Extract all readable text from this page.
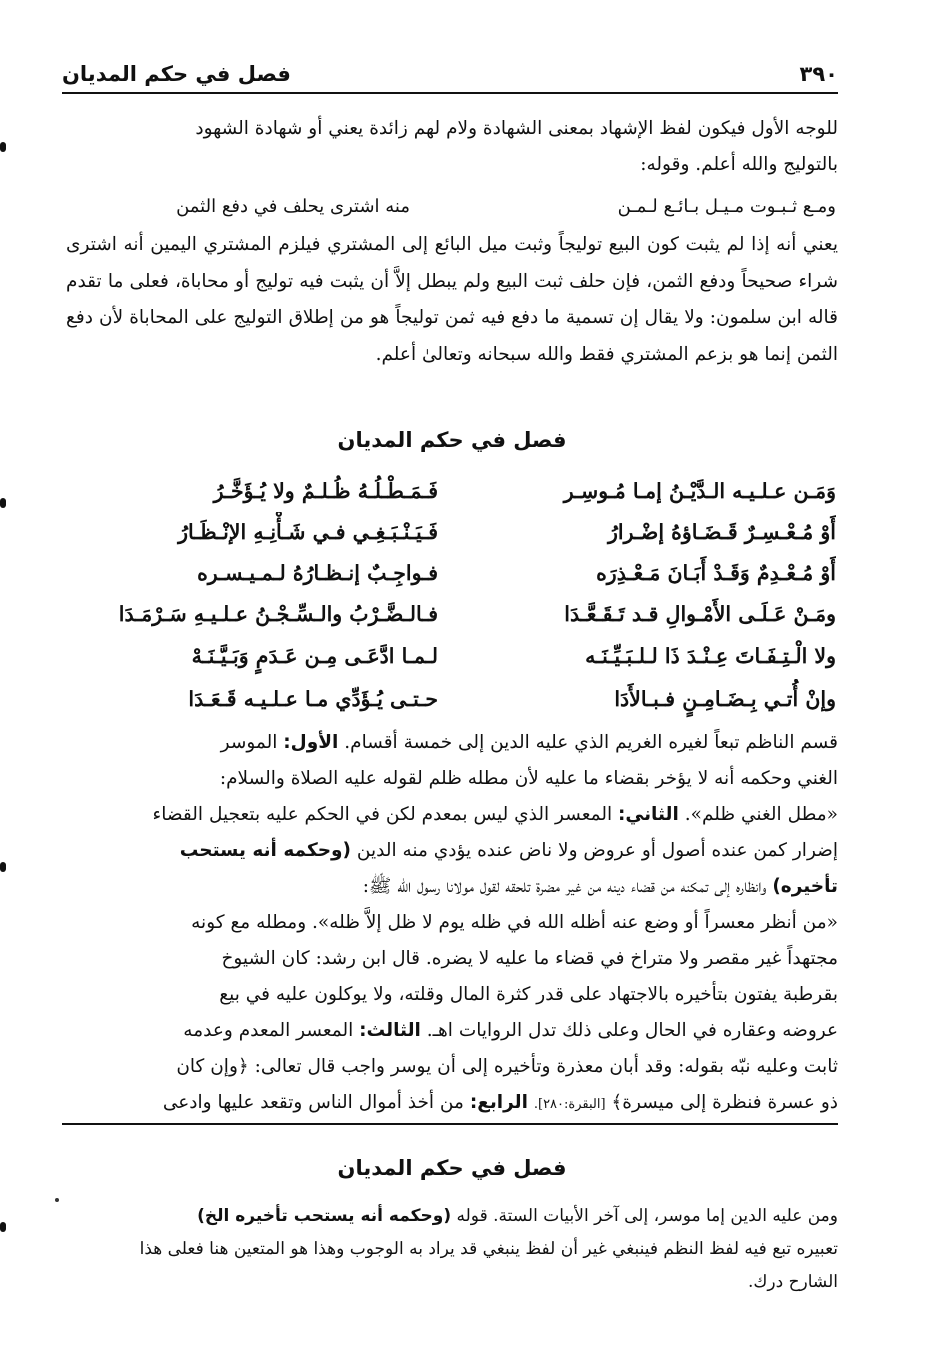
٣٩٠
فصل في حكم المديان
للوجه الأول فيكون لفظ الإشهاد بمعنى الشهادة ولام لهم زائدة يعني أو شهادة الشهود
بالتوليج والله أعلم. وقوله:
ومـع ثـبـوت مـيـل بـائـع لـمـن
منه اشترى يحلف في دفع الثمن

يعني أنه إذا لم يثبت كون البيع توليجاً وثبت ميل البائع إلى المشتري فيلزم المشتري اليمين أنه اشترى شراء صحيحاً ودفع الثمن، فإن حلف ثبت البيع ولم يبطل إلاَّ أن يثبت فيه توليج أو محاباة، فعلى ما تقدم قاله ابن سلمون: ولا يقال إن تسمية ما دفع فيه ثمن توليجاً هو من إطلاق التوليج على المحاباة لأن دفع الثمن إنما هو بزعم المشتري فقط والله سبحانه وتعالىٰ أعلم.

فصل في حكم المديان
وَمَـن عـلـيـه الـدَّيْـنُ إمـا مُـوسِـر
فَـمَـطْـلُـهُ ظُـلـمٌ ولا يُـؤَخَّـرُ
أَوْ مُـعْـسِـرٌ قَـضَـاؤهُ إضْـرارُ
فَـيَـنْـبَـغِـي فـي شَـأْنِـهِ الإنْـظَـارُ
أَوْ مُـعْـدِمٌ وَقَـدْ أَبَـانَ مَـعْـذِرَه
فـواجِـبٌ إنـظـارُهُ لـمـيـسـره
ومَـنْ عَـلَـى الأَمْـوالِ قـد تَـقَـعَّـدَا
فـالـضَّـرْبُ والـسِّـجْـنُ عـلـيـهِ سَـرْمَـدَا
ولا الْـتِـفَـاتَ عِـنْـدَ ذَا لـلـبَـيِّـنَـه
لـمـا ادَّعَـى مِـن عَـدَمٍ وَبَـيَّـنَـهْ
وإنْ أُتـي بِـضَـامِـنٍ فـبـالأَدَا
حـتـى يُـؤَدِّي مـا عـلـيـه قَـعَـدَا
قسم الناظم تبعاً لغيره الغريم الذي عليه الدين إلى خمسة أقسام. الأول: الموسر
الغني وحكمه أنه لا يؤخر بقضاء ما عليه لأن مطله ظلم لقوله عليه الصلاة والسلام:
«مطل الغني ظلم». الثاني: المعسر الذي ليس بمعدم لكن في الحكم عليه بتعجيل القضاء
إضرار كمن عنده أصول أو عروض ولا ناض عنده يؤدي منه الدين (وحكمه أنه يستحب
تأخيره) وانظاره إلى تمكنه من قضاء دينه من غير مضرة تلحقه لقول مولانا رسول الله ﷺ:
«من أنظر معسراً أو وضع عنه أظله الله في ظله يوم لا ظل إلاَّ ظله». ومطله مع كونه
مجتهداً غير مقصر ولا متراخ في قضاء ما عليه لا يضره. قال ابن رشد: كان الشيوخ
بقرطبة يفتون بتأخيره بالاجتهاد على قدر كثرة المال وقلته، ولا يوكلون عليه في بيع
عروضه وعقاره في الحال وعلى ذلك تدل الروايات اهـ. الثالث: المعسر المعدم وعدمه
ثابت وعليه نبّه بقوله: وقد أبان معذرة وتأخيره إلى أن يوسر واجب قال تعالى: ﴿وإن كان
ذو عسرة فنظرة إلى ميسرة﴾ [البقرة:٢٨٠]. الرابع: من أخذ أموال الناس وتقعد عليها وادعى
فصل في حكم المديان
ومن عليه الدين إما موسر، إلى آخر الأبيات الستة. قوله (وحكمه أنه يستحب تأخيره الخ)
تعبيره تبع فيه لفظ النظم فينبغي غير أن لفظ ينبغي قد يراد به الوجوب وهذا هو المتعين هنا فعلى هذا
الشارح درك.
